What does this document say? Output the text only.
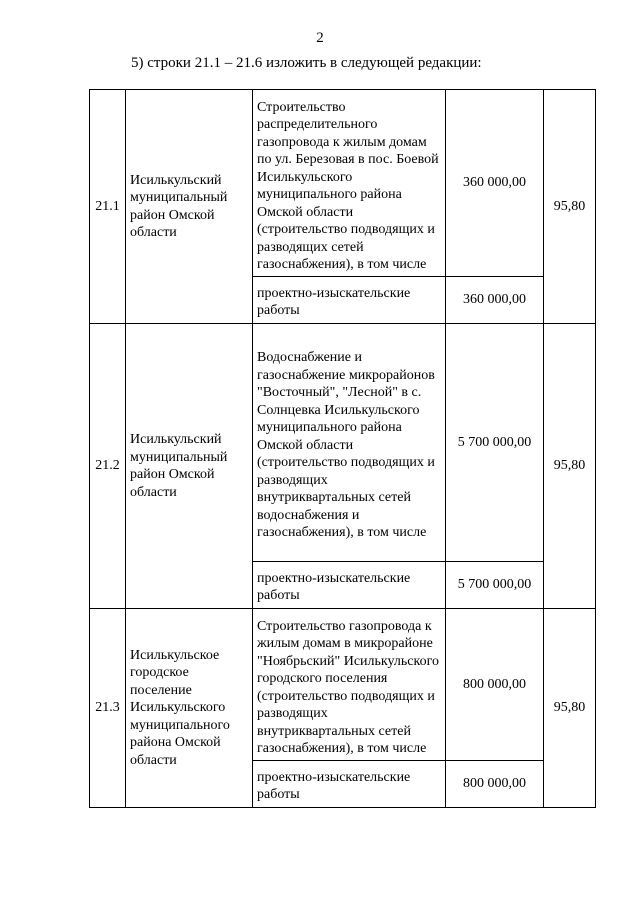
2
5) строки 21.1 – 21.6 изложить в следующей редакции:
21.1	Исилькульский муниципальный район Омской области	Строительство распределительного газопровода к жилым домам по ул. Березовая в пос. Боевой Исилькульского муниципального района Омской области (строительство подводящих и разводящих сетей газоснабжения), в том числе	360 000,00	95,80
		проектно-изыскательские работы	360 000,00	
21.2	Исилькульский муниципальный район Омской области	Водоснабжение и газоснабжение микрорайонов "Восточный", "Лесной" в с. Солнцевка Исилькульского муниципального района Омской области (строительство подводящих и разводящих внутриквартальных сетей водоснабжения и газоснабжения), в том числе	5 700 000,00	95,80
		проектно-изыскательские работы	5 700 000,00	
21.3	Исилькульское городское поселение Исилькульского муниципального района Омской области	Строительство газопровода к жилым домам в микрорайоне "Ноябрьский" Исилькульского городского поселения (строительство подводящих и разводящих внутриквартальных сетей газоснабжения), в том числе	800 000,00	95,80
		проектно-изыскательские работы	800 000,00	
